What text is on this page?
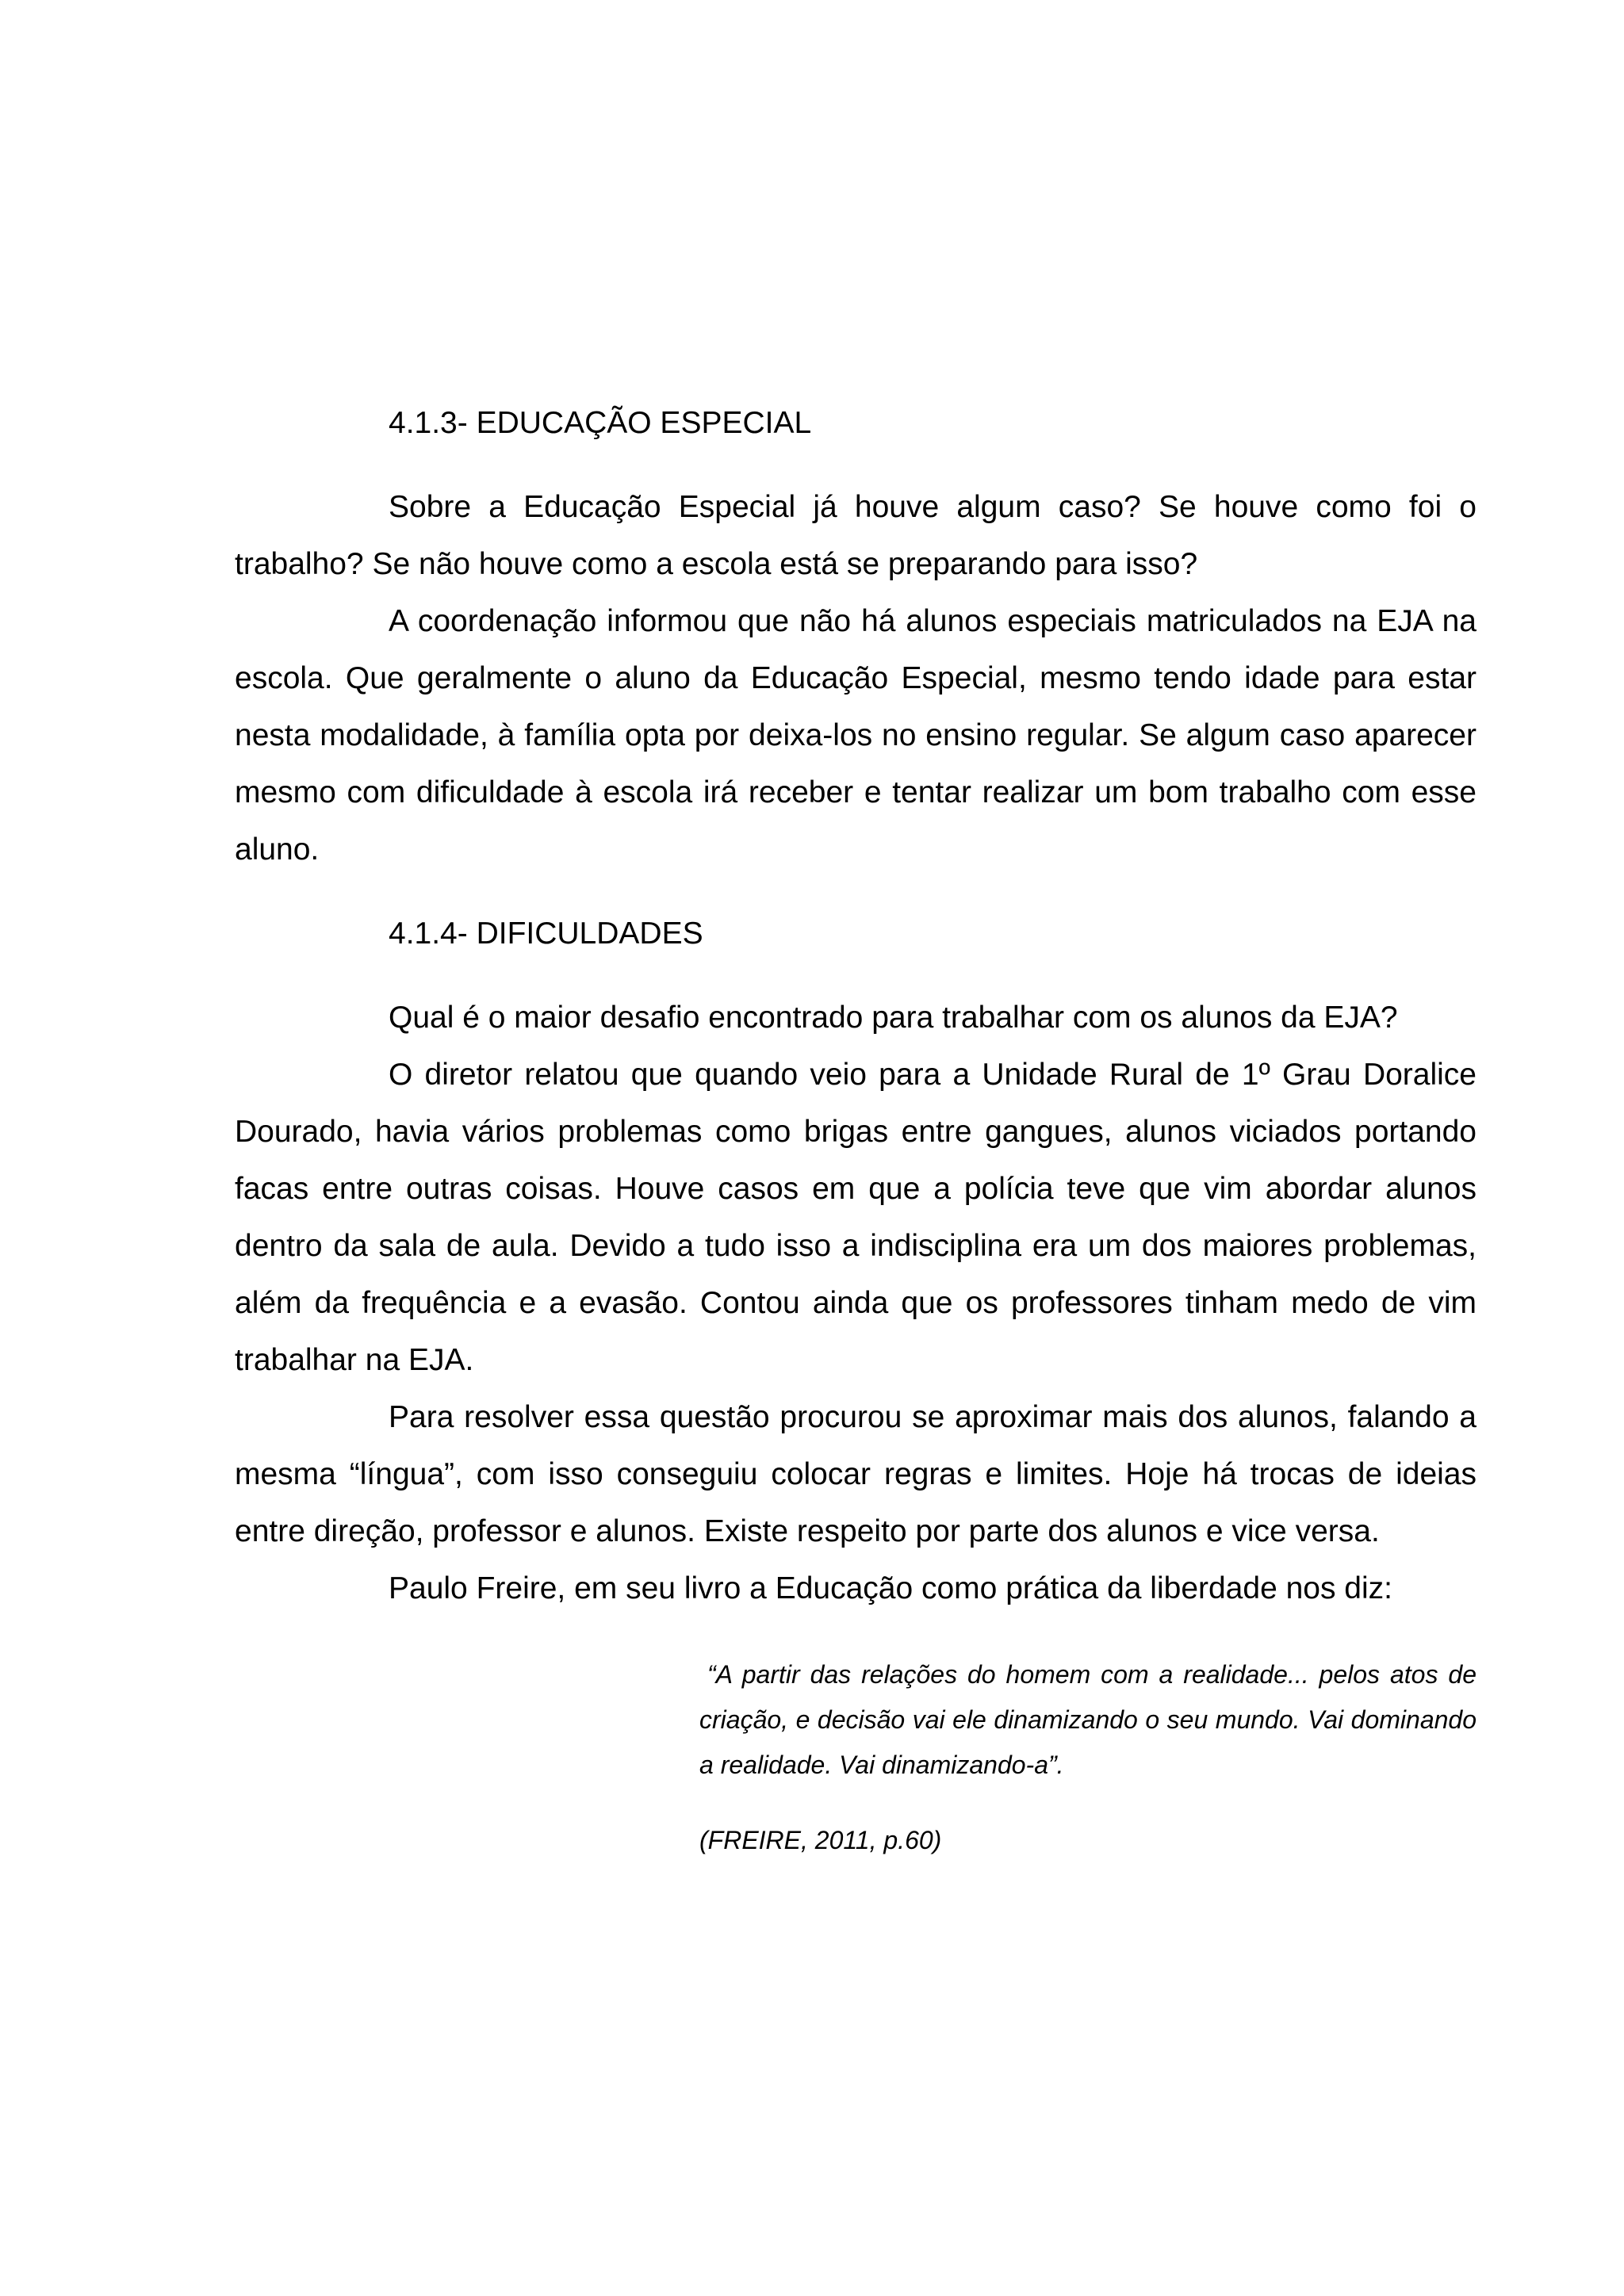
4.1.3- EDUCAÇÃO ESPECIAL

Sobre a Educação Especial já houve algum caso? Se houve como foi o trabalho? Se não houve como a escola está se preparando para isso?

A coordenação informou que não há alunos especiais matriculados na EJA na escola. Que geralmente o aluno da Educação Especial, mesmo tendo idade para estar nesta modalidade, à família opta por deixa-los no ensino regular. Se algum caso aparecer mesmo com dificuldade à escola irá receber e tentar realizar um bom trabalho com esse aluno.

4.1.4- DIFICULDADES

Qual é o maior desafio encontrado para trabalhar com os alunos da EJA?

O diretor relatou que quando veio para a Unidade Rural de 1º Grau Doralice Dourado, havia vários problemas como brigas entre gangues, alunos viciados portando facas entre outras coisas. Houve casos em que a polícia teve que vim abordar alunos dentro da sala de aula. Devido a tudo isso a indisciplina era um dos maiores problemas, além da frequência e a evasão. Contou ainda que os professores tinham medo de vim trabalhar na EJA.

Para resolver essa questão procurou se aproximar mais dos alunos, falando a mesma “língua”, com isso conseguiu colocar regras e limites. Hoje há trocas de ideias entre direção, professor e alunos. Existe respeito por parte dos alunos e vice versa.

Paulo Freire, em seu livro a Educação como prática da liberdade nos diz:

“A partir das relações do homem com a realidade... pelos atos de criação, e decisão vai ele dinamizando o seu mundo. Vai dominando a realidade. Vai dinamizando-a”.

(FREIRE, 2011, p.60)
